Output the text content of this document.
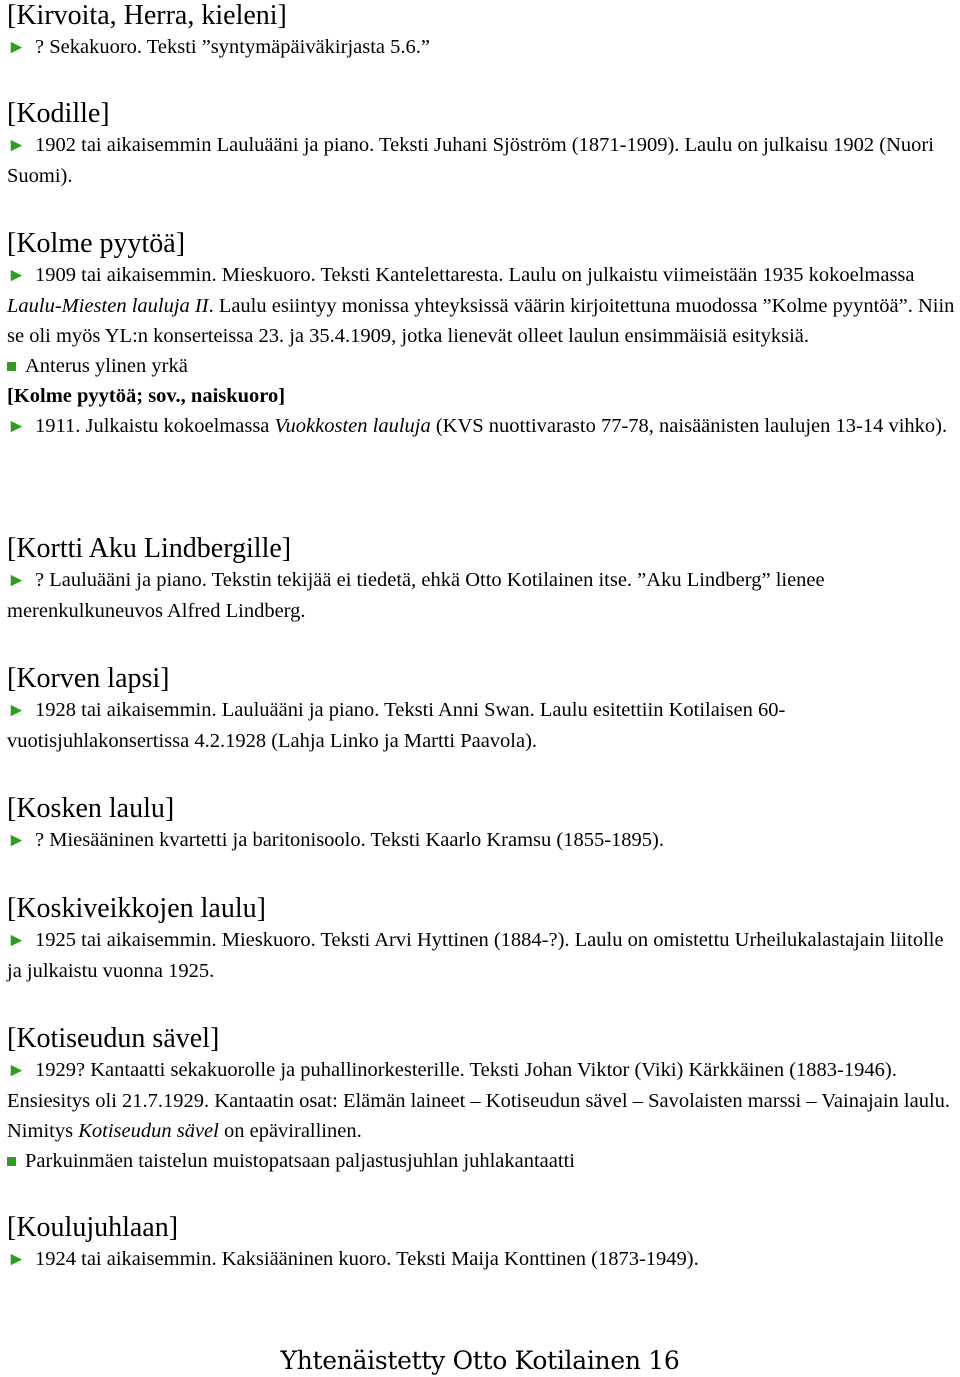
[Kirvoita, Herra, kieleni]

► ? Sekakuoro. Teksti ”syntymäpäiväkirjasta 5.6.”

[Kodille]

► 1902 tai aikaisemmin Lauluääni ja piano. Teksti Juhani Sjöström (1871-1909). Laulu on julkaisu 1902 (Nuori Suomi).

[Kolme pyytöä]

► 1909 tai aikaisemmin. Mieskuoro. Teksti Kantelettaresta. Laulu on julkaistu viimeistään 1935 kokoelmassa Laulu-Miesten lauluja II. Laulu esiintyy monissa yhteyksissä väärin kirjoitettuna muodossa ”Kolme pyyntöä”. Niin se oli myös YL:n konserteissa 23. ja 35.4.1909, jotka lienevät olleet laulun ensimmäisiä esityksiä.

Anterus ylinen yrkä

[Kolme pyytöä; sov., naiskuoro]

► 1911. Julkaistu kokoelmassa Vuokkosten lauluja (KVS nuottivarasto 77-78, naisäänisten laulujen 13-14 vihko).

[Kortti Aku Lindbergille]

► ? Lauluääni ja piano. Tekstin tekijää ei tiedetä, ehkä Otto Kotilainen itse. ”Aku Lindberg” lienee merenkulkuneuvos Alfred Lindberg.

[Korven lapsi]

► 1928 tai aikaisemmin. Lauluääni ja piano. Teksti Anni Swan. Laulu esitettiin Kotilaisen 60-vuotisjuhlakonsertissa 4.2.1928 (Lahja Linko ja Martti Paavola).

[Kosken laulu]

► ? Miesääninen kvartetti ja baritonisoolo. Teksti Kaarlo Kramsu (1855-1895).

[Koskiveikkojen laulu]

► 1925 tai aikaisemmin. Mieskuoro. Teksti Arvi Hyttinen (1884-?). Laulu on omistettu Urheilukalastajain liitolle ja julkaistu vuonna 1925.

[Kotiseudun sävel]

► 1929? Kantaatti sekakuorolle ja puhallinorkesterille. Teksti Johan Viktor (Viki) Kärkkäinen (1883-1946). Ensiesitys oli 21.7.1929. Kantaatin osat: Elämän laineet – Kotiseudun sävel – Savolaisten marssi – Vainajain laulu. Nimitys Kotiseudun sävel on epävirallinen.

Parkuinmäen taistelun muistopatsaan paljastusjuhlan juhlakantaatti

[Koulujuhlaan]

► 1924 tai aikaisemmin. Kaksiääninen kuoro. Teksti Maija Konttinen (1873-1949).

Yhtenäistetty Otto Kotilainen 16
